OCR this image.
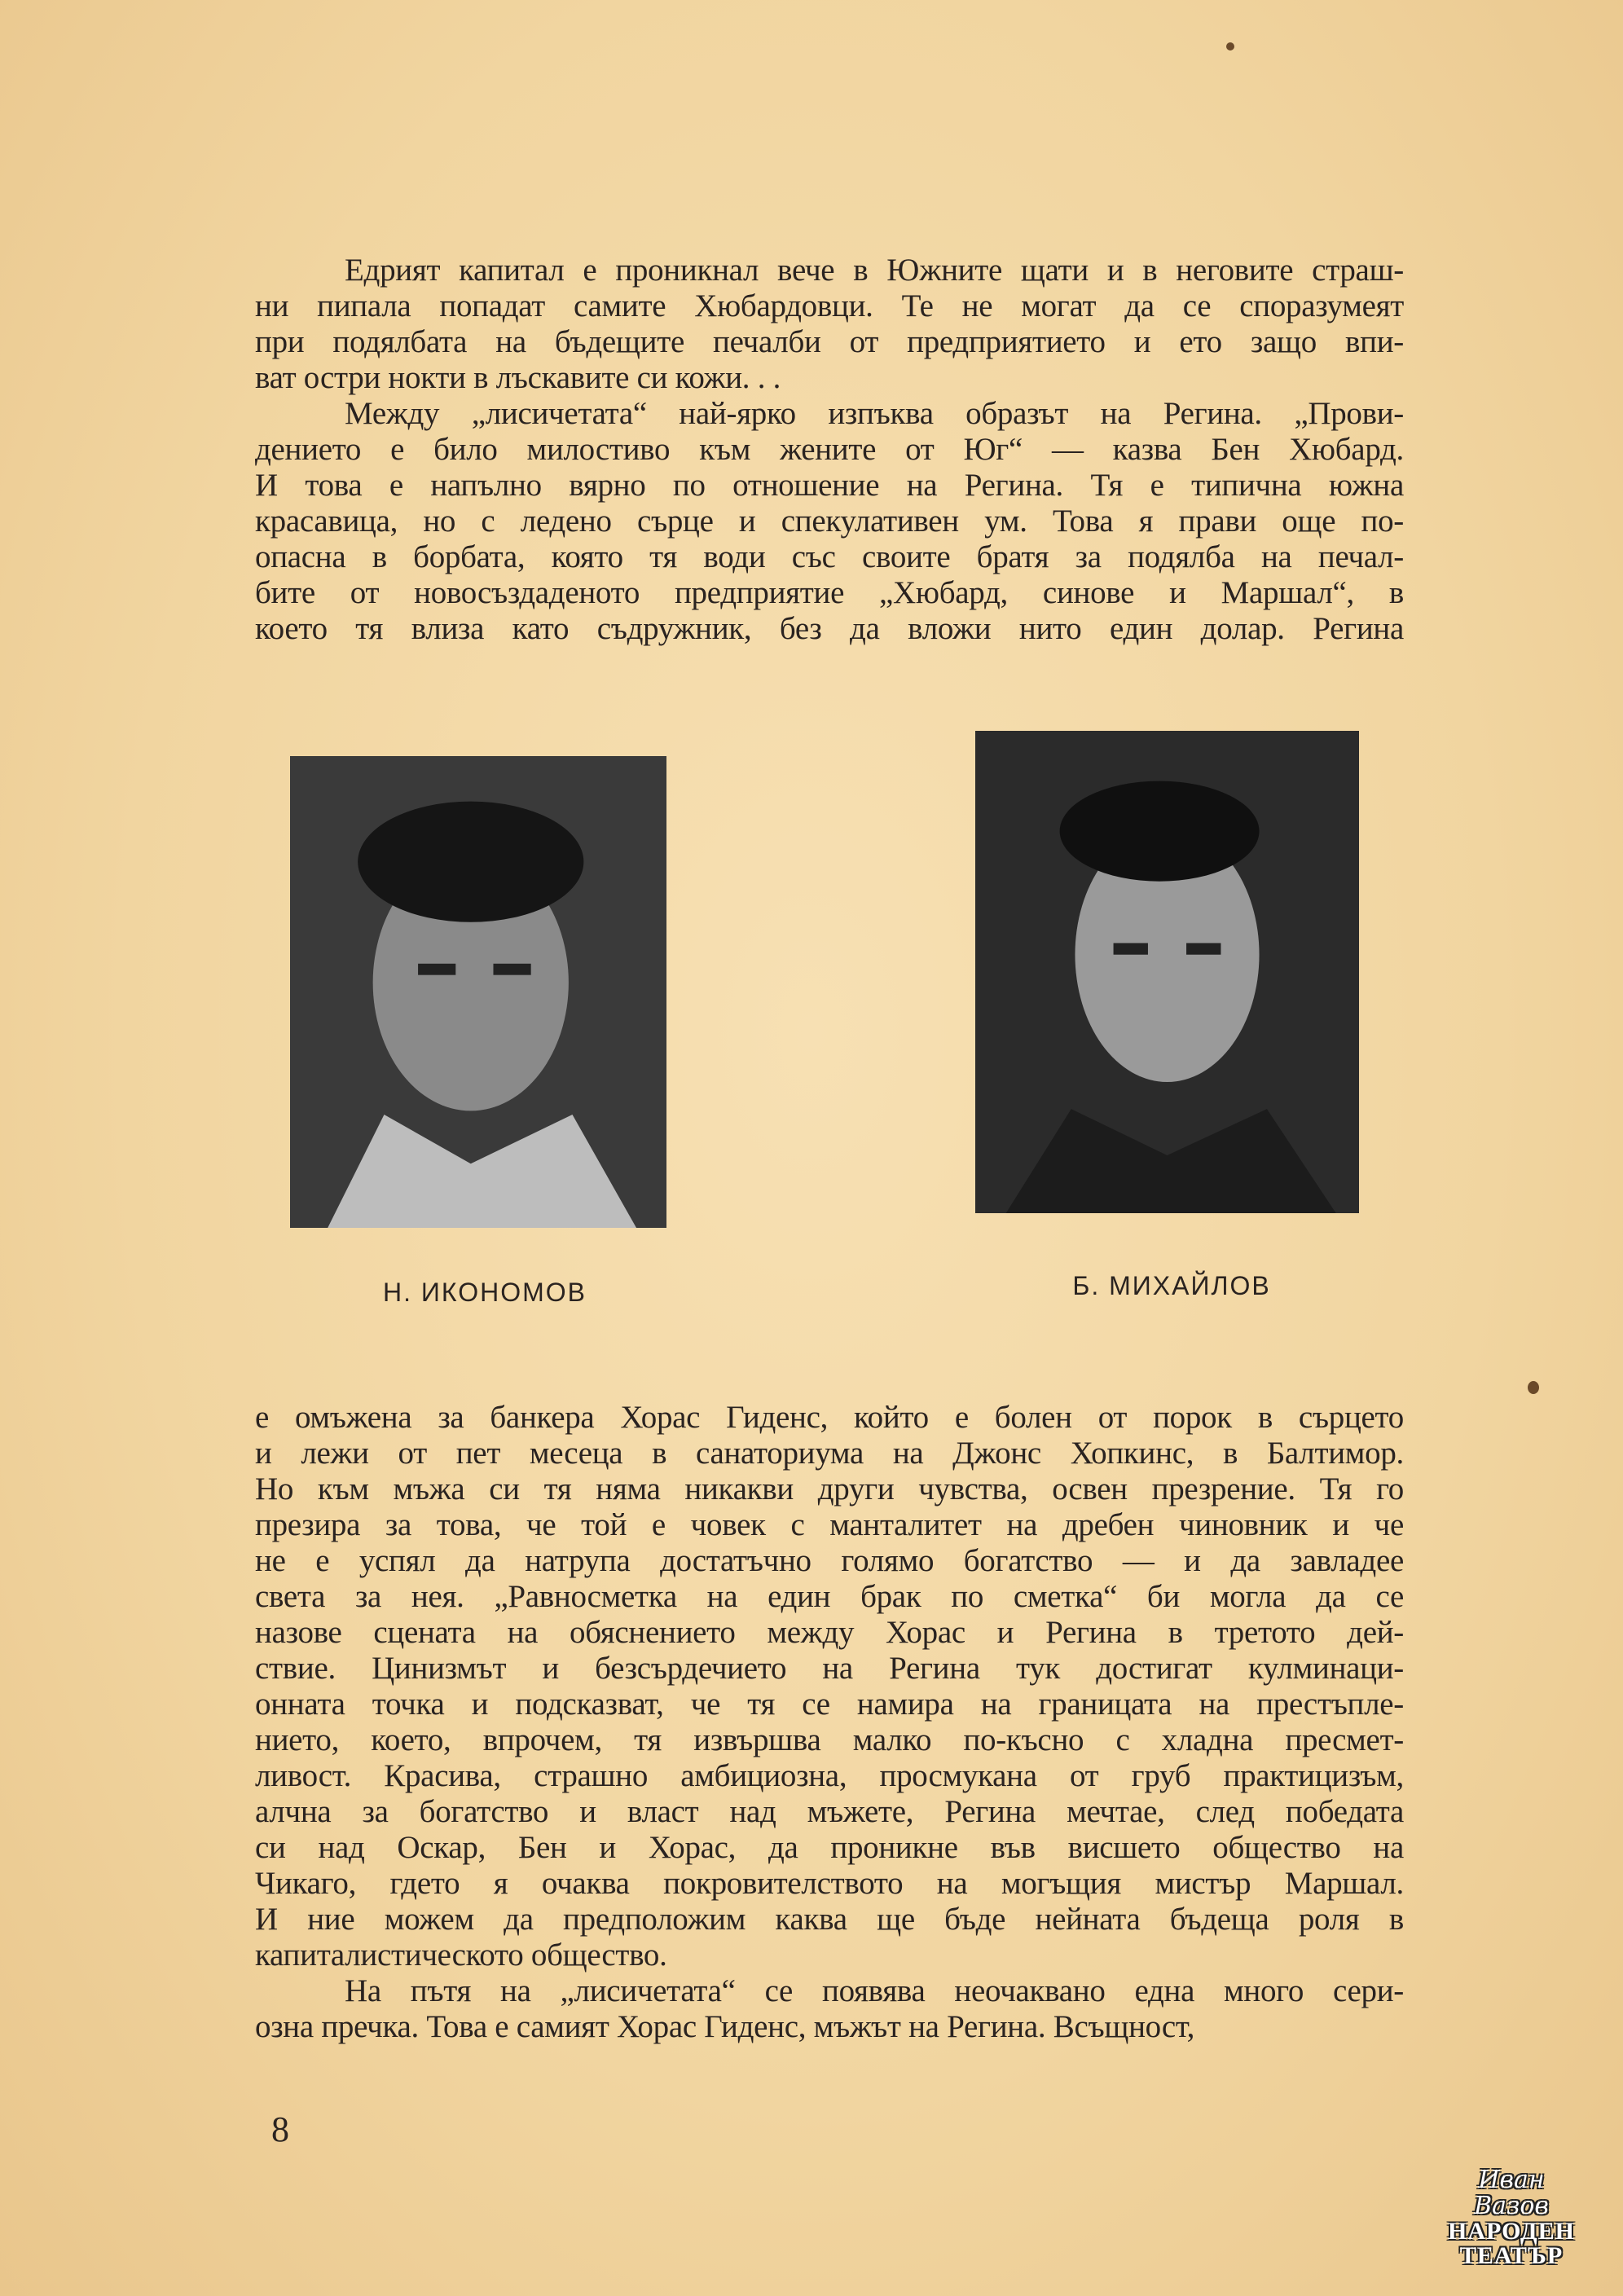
Едрият капитал е проникнал вече в Южните щати и в неговите страш-
ни пипала попадат самите Хюбардовци. Те не могат да се споразумеят
при подялбата на бъдещите печалби от предприятието и ето защо впи-
ват остри нокти в лъскавите си кожи. . .
Между „лисичетата“ най-ярко изпъква образът на Регина. „Прови-
дението е било милостиво към жените от Юг“ — казва Бен Хюбард.
И това е напълно вярно по отношение на Регина. Тя е типична южна
красавица, но с ледено сърце и спекулативен ум. Това я прави още по-
опасна в борбата, която тя води със своите братя за подялба на печал-
бите от новосъздаденото предприятие „Хюбард, синове и Маршал“, в
което тя влиза като съдружник, без да вложи нито един долар. Регина
Н. ИКОНОМОВ	Б. МИХАЙЛОВ
е омъжена за банкера Хорас Гиденс, който е болен от порок в сърцето
и лежи от пет месеца в санаториума на Джонс Хопкинс, в Балтимор.
Но към мъжа си тя няма никакви други чувства, освен презрение. Тя го
презира за това, че той е човек с манталитет на дребен чиновник и че
не е успял да натрупа достатъчно голямо богатство — и да завладее
света за нея. „Равносметка на един брак по сметка“ би могла да се
назове сцената на обяснението между Хорас и Регина в третото дей-
ствие. Цинизмът и безсърдечието на Регина тук достигат кулминаци-
онната точка и подсказват, че тя се намира на границата на престъпле-
нието, което, впрочем, тя извършва малко по-късно с хладна пресмет-
ливост. Красива, страшно амбициозна, просмукана от груб практицизъм,
алчна за богатство и власт над мъжете, Регина мечтае, след победата
си над Оскар, Бен и Хорас, да проникне във висшето общество на
Чикаго, гдето я очаква покровителството на могъщия мистър Маршал.
И ние можем да предположим каква ще бъде нейната бъдеща роля в
капиталистическото общество.
На пътя на „лисичетата“ се появява неочаквано една много сери-
озна пречка. Това е самият Хорас Гиденс, мъжът на Регина. Всъщност,
8
Иван Вазов
НАРОДЕН
ТЕАТЪР
